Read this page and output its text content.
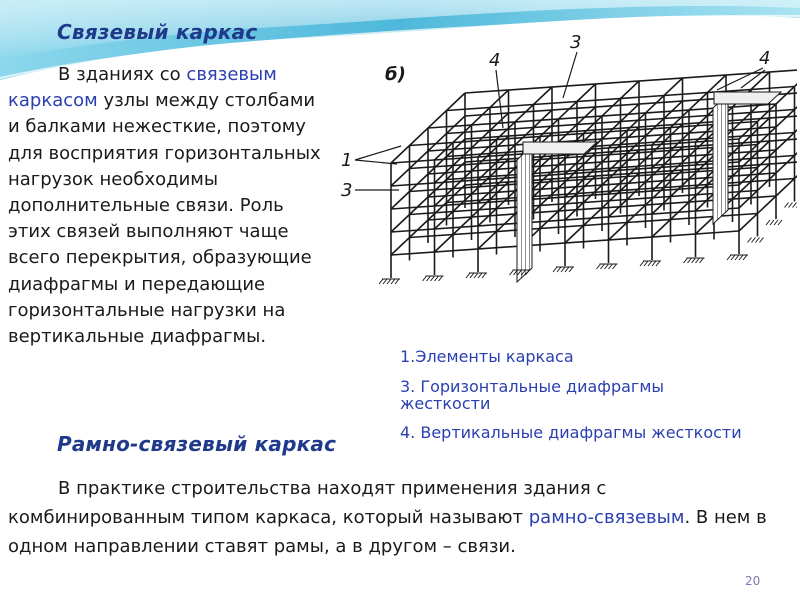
Связевый каркас

В зданиях со связевым каркасом узлы между столбами и балками нежесткие, поэтому для восприятия горизонтальных нагрузок необходимы дополнительные связи. Роль этих связей выполняют чаще всего перекрытия, образующие диафрагмы и передающие горизонтальные нагрузки на вертикальные диафрагмы.

б)
3
4	4
1
3

1.Элементы каркаса

3. Горизонтальные диафрагмы жесткости

4. Вертикальные диафрагмы жесткости

Рамно-связевый каркас

В практике строительства находят применения здания с комбинированным типом каркаса, который называют рамно-связевым. В нем в одном направлении ставят рамы, а в другом – связи.

20
